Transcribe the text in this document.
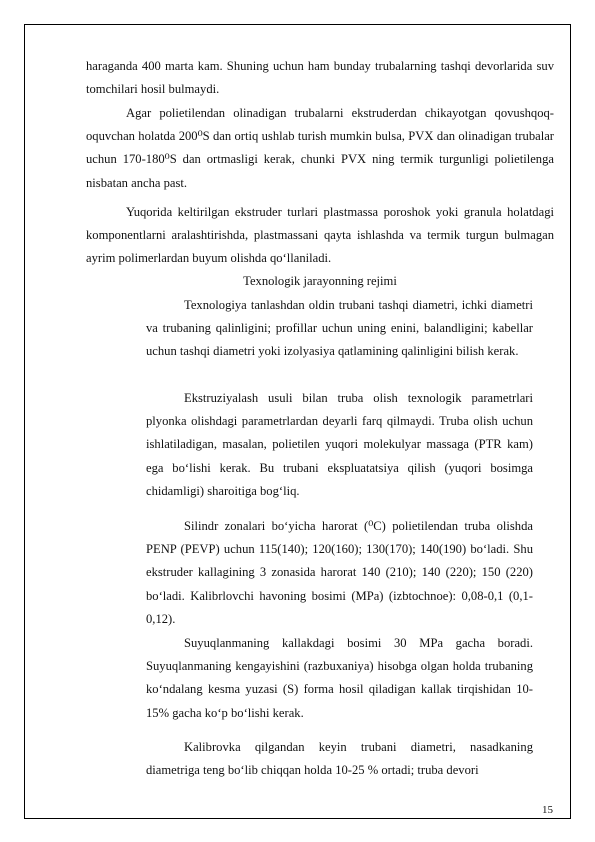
haraganda 400 marta kam. Shuning uchun ham bunday trubalarning tashqi devorlarida suv tomchilari hosil bulmaydi.

Agar polietilendan olinadigan trubalarni ekstruderdan chikayotgan qovushqoq-oquvchan holatda 200⁰S dan ortiq ushlab turish mumkin bulsa, PVX dan olinadigan trubalar uchun 170-180⁰S dan ortmasligi kerak, chunki PVX ning termik turgunligi polietilenga nisbatan ancha past.

Yuqorida keltirilgan ekstruder turlari plastmassa poroshok yoki granula holatdagi komponentlarni aralashtirishda, plastmassani qayta ishlashda va termik turgun bulmagan ayrim polimerlardan buyum olishda qo‘llaniladi.

Texnologik jarayonning rejimi

Texnologiya tanlashdan oldin trubani tashqi diametri, ichki diametri va trubaning qalinligini; profillar uchun uning enini, balandligini; kabellar uchun tashqi diametri yoki izolyasiya qatlamining qalinligini bilish kerak.

Ekstruziyalash usuli bilan truba olish texnologik parametrlari plyonka olishdagi parametrlardan deyarli farq qilmaydi. Truba olish uchun ishlatiladigan, masalan, polietilen yuqori molekulyar massaga (PTR kam) ega bo‘lishi kerak. Bu trubani ekspluatatsiya qilish (yuqori bosimga chidamligi) sharoitiga bog‘liq.

Silindr zonalari bo‘yicha harorat (⁰C) polietilendan truba olishda PENP (PEVP) uchun 115(140); 120(160); 130(170); 140(190) bo‘ladi. Shu ekstruder kallagining 3 zonasida harorat 140 (210); 140 (220); 150 (220) bo‘ladi. Kalibrlovchi havoning bosimi (MPa) (izbtochnoe): 0,08-0,1 (0,1-0,12).

Suyuqlanmaning kallakdagi bosimi 30 MPa gacha boradi. Suyuqlanmaning kengayishini (razbuxaniya) hisobga olgan holda trubaning ko‘ndalang kesma yuzasi (S) forma hosil qiladigan kallak tirqishidan 10-15% gacha ko‘p bo‘lishi kerak.

Kalibrovka qilgandan keyin trubani diametri, nasadkaning diametriga teng bo‘lib chiqqan holda 10-25 % ortadi; truba devori

15
